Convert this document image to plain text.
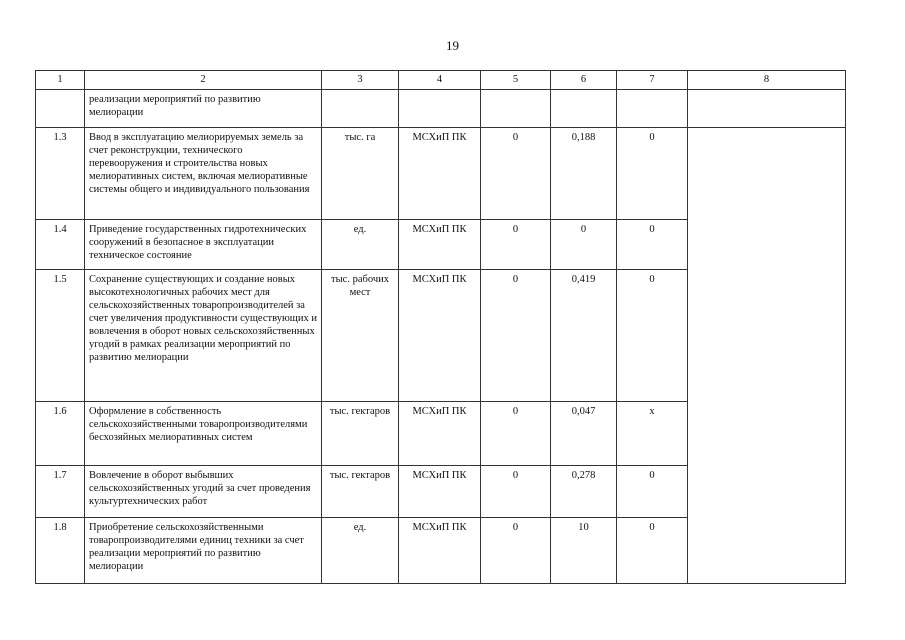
19
1	2	3	4	5	6	7	8
	реализации мероприятий по развитию мелиорации						
1.3	Ввод в эксплуатацию мелиорируемых земель за счет реконструкции, технического перевооружения и строительства новых мелиоративных систем, включая мелиоративные системы общего и индивидуального пользования	тыс. га	МСХиП ПК	0	0,188	0	
1.4	Приведение государственных гидротехнических сооружений в безопасное в эксплуатации техническое состояние	ед.	МСХиП ПК	0	0	0	
1.5	Сохранение существующих и создание новых высокотехнологичных рабочих мест для сельскохозяйственных товаропроизводителей за счет увеличения продуктивности существующих и вовлечения в оборот новых сельскохозяйственных угодий в рамках реализации мероприятий по развитию мелиорации	тыс. рабочих мест	МСХиП ПК	0	0,419	0	
1.6	Оформление в собственность сельскохозяйственными товаропроизводителями бесхозяйных мелиоративных систем	тыс. гектаров	МСХиП ПК	0	0,047	х	
1.7	Вовлечение в оборот выбывших сельскохозяйственных угодий за счет проведения культуртехнических работ	тыс. гектаров	МСХиП ПК	0	0,278	0	
1.8	Приобретение сельскохозяйственными товаропроизводителями единиц техники за счет реализации мероприятий по развитию мелиорации	ед.	МСХиП ПК	0	10	0	
